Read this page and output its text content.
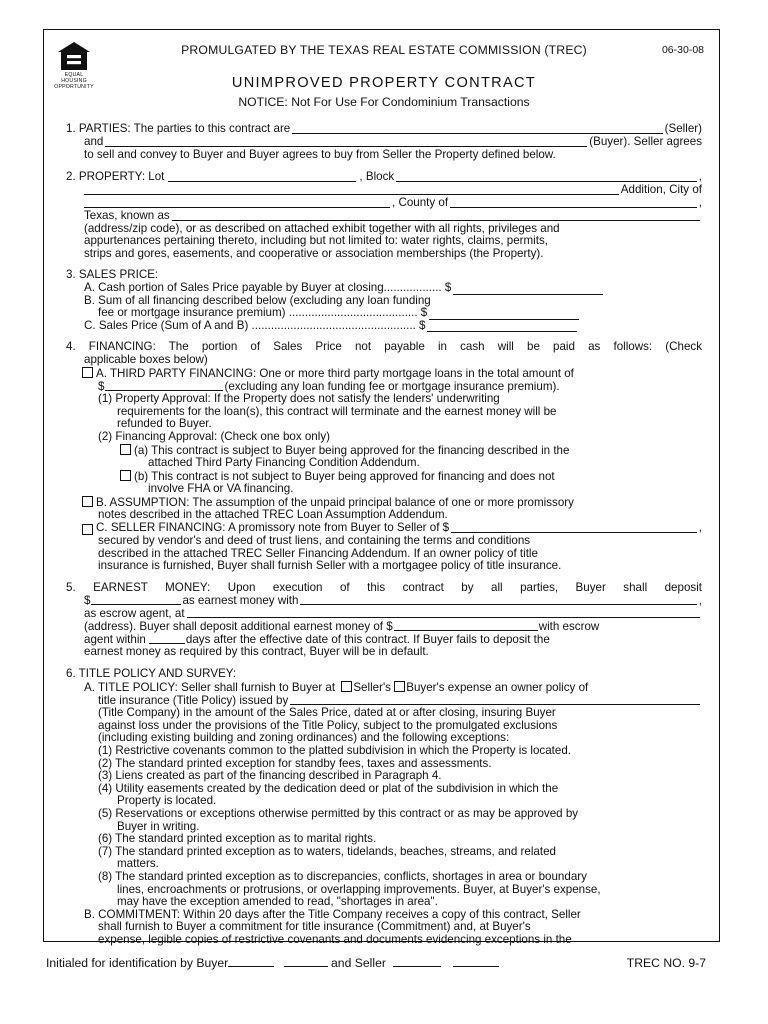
EQUAL HOUSING
OPPORTUNITY
PROMULGATED BY THE TEXAS REAL ESTATE COMMISSION (TREC)	06-30-08
UNIMPROVED PROPERTY CONTRACT
NOTICE: Not For Use For Condominium Transactions
1. PARTIES: The parties to this contract are	(Seller)
and	(Buyer). Seller agrees
to sell and convey to Buyer and Buyer agrees to buy from Seller the Property defined below.
2. PROPERTY: Lot	, Block	,
Addition, City of
, County of	,
Texas, known as
(address/zip code), or as described on attached exhibit together with all rights, privileges and
appurtenances pertaining thereto, including but not limited to: water rights, claims, permits,
strips and gores, easements, and cooperative or association memberships (the Property).
3. SALES PRICE:
A. Cash portion of Sales Price payable by Buyer at closing.................. $
B. Sum of all financing described below (excluding any loan funding
fee or mortgage insurance premium) ........................................ $
C. Sales Price (Sum of A and B) ................................................... $
4. FINANCING: The portion of Sales Price not payable in cash will be paid as follows: (Check
applicable boxes below)
A. THIRD PARTY FINANCING: One or more third party mortgage loans in the total amount of
$	(excluding any loan funding fee or mortgage insurance premium).
(1) Property Approval: If the Property does not satisfy the lenders' underwriting
requirements for the loan(s), this contract will terminate and the earnest money will be
refunded to Buyer.
(2) Financing Approval: (Check one box only)
(a) This contract is subject to Buyer being approved for the financing described in the
attached Third Party Financing Condition Addendum.
(b) This contract is not subject to Buyer being approved for financing and does not
involve FHA or VA financing.
B. ASSUMPTION: The assumption of the unpaid principal balance of one or more promissory
notes described in the attached TREC Loan Assumption Addendum.
C. SELLER FINANCING: A promissory note from Buyer to Seller of $	,
secured by vendor's and deed of trust liens, and containing the terms and conditions
described in the attached TREC Seller Financing Addendum. If an owner policy of title
insurance is furnished, Buyer shall furnish Seller with a mortgagee policy of title insurance.
5. EARNEST MONEY: Upon execution of this contract by all parties, Buyer shall deposit
$	as earnest money with	,
as escrow agent, at
(address). Buyer shall deposit additional earnest money of $	with escrow
agent within	days after the effective date of this contract. If Buyer fails to deposit the
earnest money as required by this contract, Buyer will be in default.
6. TITLE POLICY AND SURVEY:
A. TITLE POLICY: Seller shall furnish to Buyer at Seller's Buyer's expense an owner policy of
title insurance (Title Policy) issued by
(Title Company) in the amount of the Sales Price, dated at or after closing, insuring Buyer
against loss under the provisions of the Title Policy, subject to the promulgated exclusions
(including existing building and zoning ordinances) and the following exceptions:
(1) Restrictive covenants common to the platted subdivision in which the Property is located.
(2) The standard printed exception for standby fees, taxes and assessments.
(3) Liens created as part of the financing described in Paragraph 4.
(4) Utility easements created by the dedication deed or plat of the subdivision in which the
Property is located.
(5) Reservations or exceptions otherwise permitted by this contract or as may be approved by
Buyer in writing.
(6) The standard printed exception as to marital rights.
(7) The standard printed exception as to waters, tidelands, beaches, streams, and related
matters.
(8) The standard printed exception as to discrepancies, conflicts, shortages in area or boundary
lines, encroachments or protrusions, or overlapping improvements. Buyer, at Buyer's expense,
may have the exception amended to read, "shortages in area".
B. COMMITMENT: Within 20 days after the Title Company receives a copy of this contract, Seller
shall furnish to Buyer a commitment for title insurance (Commitment) and, at Buyer's
expense, legible copies of restrictive covenants and documents evidencing exceptions in the
Initialed for identification by Buyer	and Seller	TREC NO. 9-7
